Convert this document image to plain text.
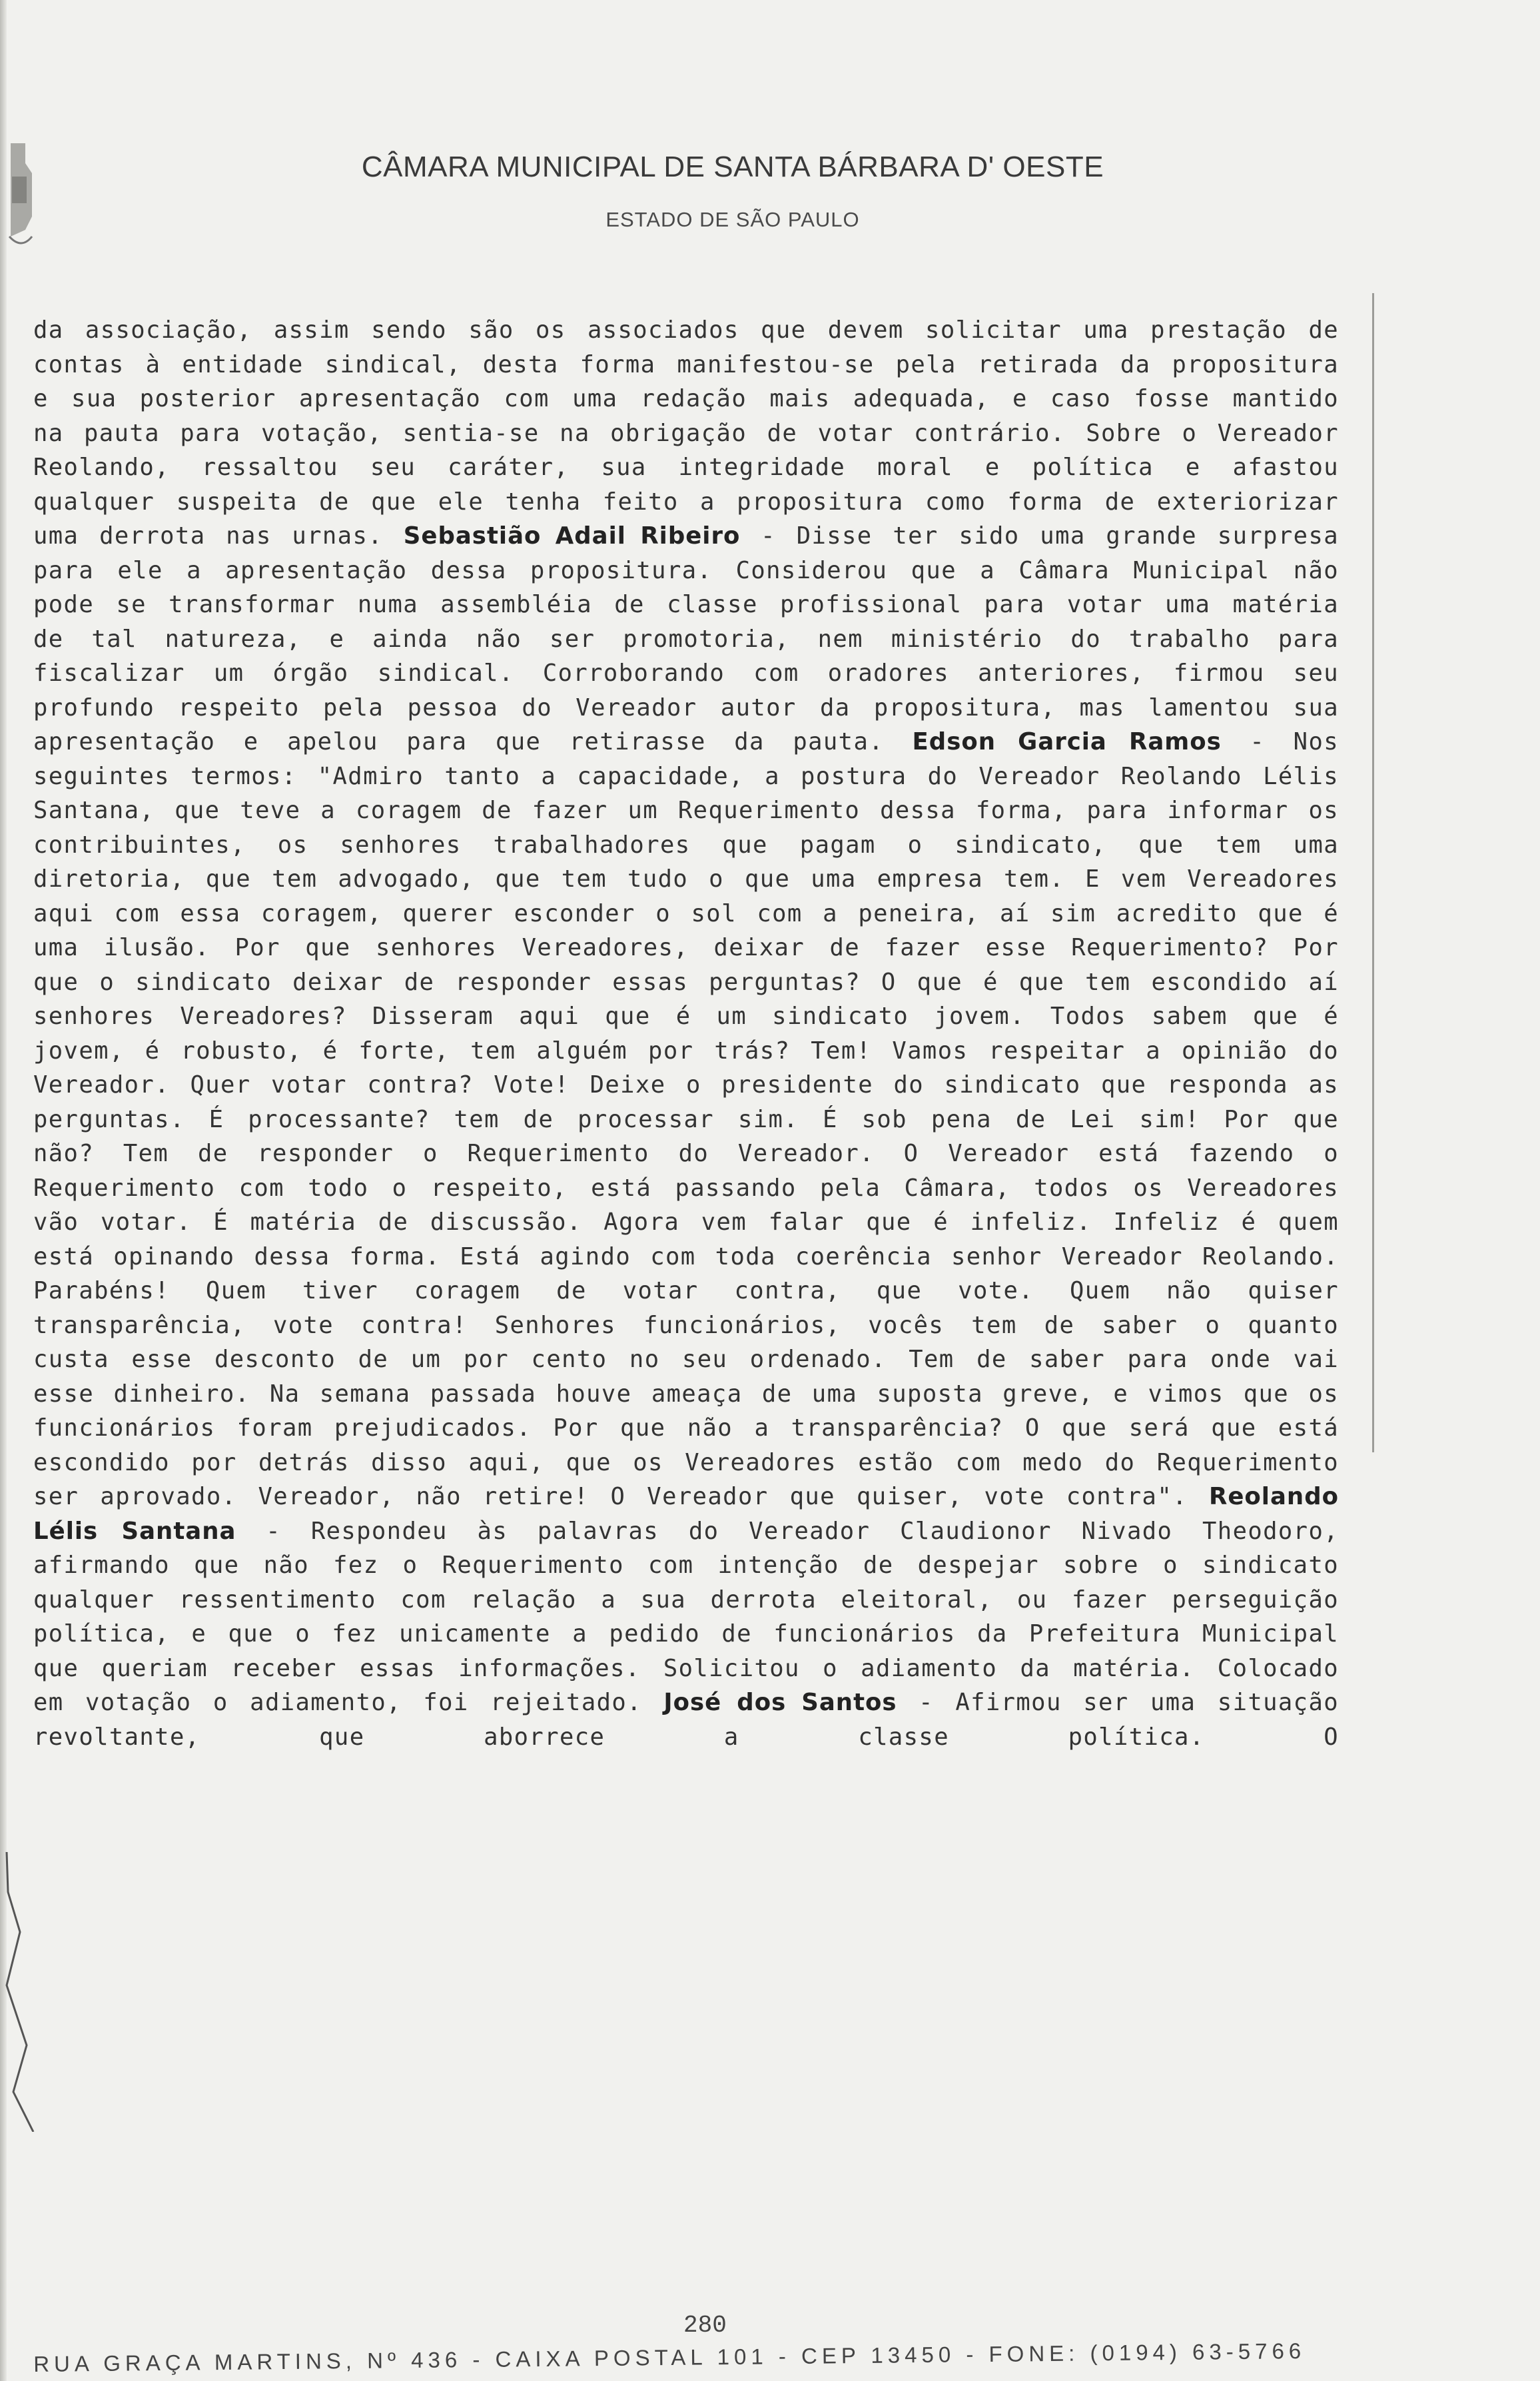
CÂMARA MUNICIPAL DE SANTA BÁRBARA D' OESTE
ESTADO DE SÃO PAULO

da associação, assim sendo são os associados que devem solicitar uma prestação de contas à entidade sindical, desta forma manifestou-se pela retirada da propositura e sua posterior apresentação com uma redação mais adequada, e caso fosse mantido na pauta para votação, sentia-se na obrigação de votar contrário. Sobre o Vereador Reolando, ressaltou seu caráter, sua integridade moral e política e afastou qualquer suspeita de que ele tenha feito a propositura como forma de exteriorizar uma derrota nas urnas. Sebastião Adail Ribeiro - Disse ter sido uma grande surpresa para ele a apresentação dessa propositura. Considerou que a Câmara Municipal não pode se transformar numa assembléia de classe profissional para votar uma matéria de tal natureza, e ainda não ser promotoria, nem ministério do trabalho para fiscalizar um órgão sindical. Corroborando com oradores anteriores, firmou seu profundo respeito pela pessoa do Vereador autor da propositura, mas lamentou sua apresentação e apelou para que retirasse da pauta. Edson Garcia Ramos - Nos seguintes termos: "Admiro tanto a capacidade, a postura do Vereador Reolando Lélis Santana, que teve a coragem de fazer um Requerimento dessa forma, para informar os contribuintes, os senhores trabalhadores que pagam o sindicato, que tem uma diretoria, que tem advogado, que tem tudo o que uma empresa tem. E vem Vereadores aqui com essa coragem, querer esconder o sol com a peneira, aí sim acredito que é uma ilusão. Por que senhores Vereadores, deixar de fazer esse Requerimento? Por que o sindicato deixar de responder essas perguntas? O que é que tem escondido aí senhores Vereadores? Disseram aqui que é um sindicato jovem. Todos sabem que é jovem, é robusto, é forte, tem alguém por trás? Tem! Vamos respeitar a opinião do Vereador. Quer votar contra? Vote! Deixe o presidente do sindicato que responda as perguntas. É processante? tem de processar sim. É sob pena de Lei sim! Por que não? Tem de responder o Requerimento do Vereador. O Vereador está fazendo o Requerimento com todo o respeito, está passando pela Câmara, todos os Vereadores vão votar. É matéria de discussão. Agora vem falar que é infeliz. Infeliz é quem está opinando dessa forma. Está agindo com toda coerência senhor Vereador Reolando. Parabéns! Quem tiver coragem de votar contra, que vote. Quem não quiser transparência, vote contra! Senhores funcionários, vocês tem de saber o quanto custa esse desconto de um por cento no seu ordenado. Tem de saber para onde vai esse dinheiro. Na semana passada houve ameaça de uma suposta greve, e vimos que os funcionários foram prejudicados. Por que não a transparência? O que será que está escondido por detrás disso aqui, que os Vereadores estão com medo do Requerimento ser aprovado. Vereador, não retire! O Vereador que quiser, vote contra". Reolando Lélis Santana - Respondeu às palavras do Vereador Claudionor Nivado Theodoro, afirmando que não fez o Requerimento com intenção de despejar sobre o sindicato qualquer ressentimento com relação a sua derrota eleitoral, ou fazer perseguição política, e que o fez unicamente a pedido de funcionários da Prefeitura Municipal que queriam receber essas informações. Solicitou o adiamento da matéria. Colocado em votação o adiamento, foi rejeitado. José dos Santos - Afirmou ser uma situação revoltante, que aborrece a classe política. O

280
RUA GRAÇA MARTINS, Nº 436 - CAIXA POSTAL 101 - CEP 13450 - FONE: (0194) 63-5766
